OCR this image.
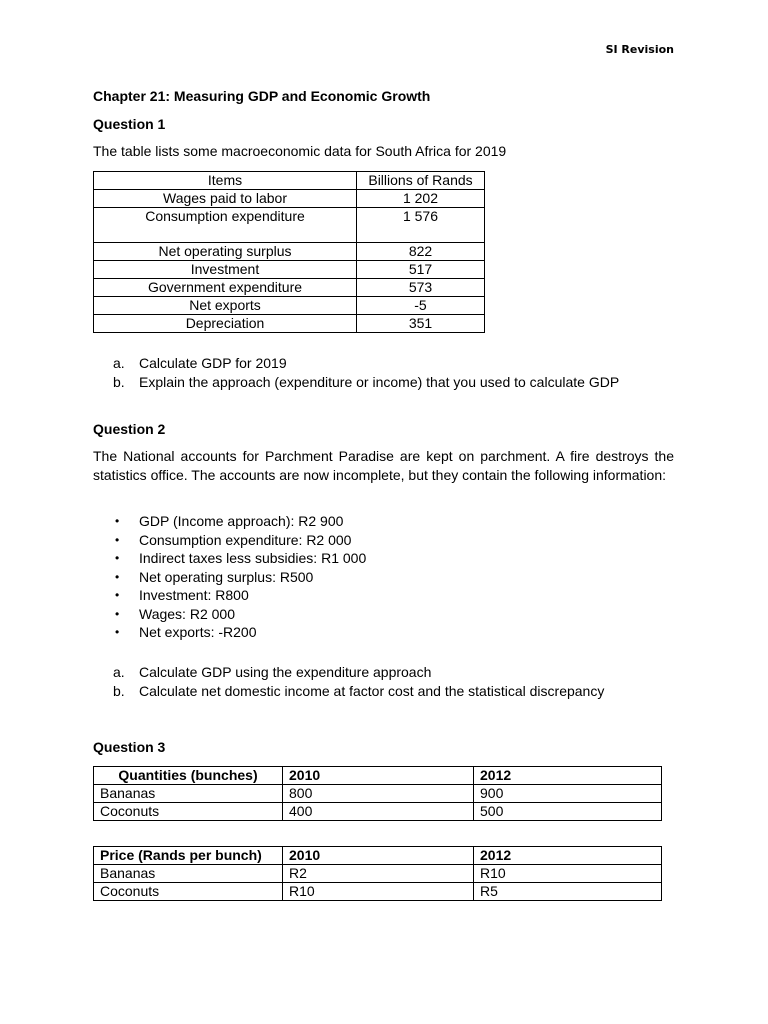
SI Revision
Chapter 21: Measuring GDP and Economic Growth
Question 1
The table lists some macroeconomic data for South Africa for 2019
Items	Billions of Rands
Wages paid to labor	1 202
Consumption expenditure	1 576
Net operating surplus	822
Investment	517
Government expenditure	573
Net exports	-5
Depreciation	351
a. Calculate GDP for 2019
b. Explain the approach (expenditure or income) that you used to calculate GDP
Question 2
The National accounts for Parchment Paradise are kept on parchment. A fire destroys the statistics office. The accounts are now incomplete, but they contain the following information:
• GDP (Income approach): R2 900
• Consumption expenditure: R2 000
• Indirect taxes less subsidies: R1 000
• Net operating surplus: R500
• Investment: R800
• Wages: R2 000
• Net exports: -R200
a. Calculate GDP using the expenditure approach
b. Calculate net domestic income at factor cost and the statistical discrepancy
Question 3
Quantities (bunches)	2010	2012
Bananas	800	900
Coconuts	400	500
Price (Rands per bunch)	2010	2012
Bananas	R2	R10
Coconuts	R10	R5
